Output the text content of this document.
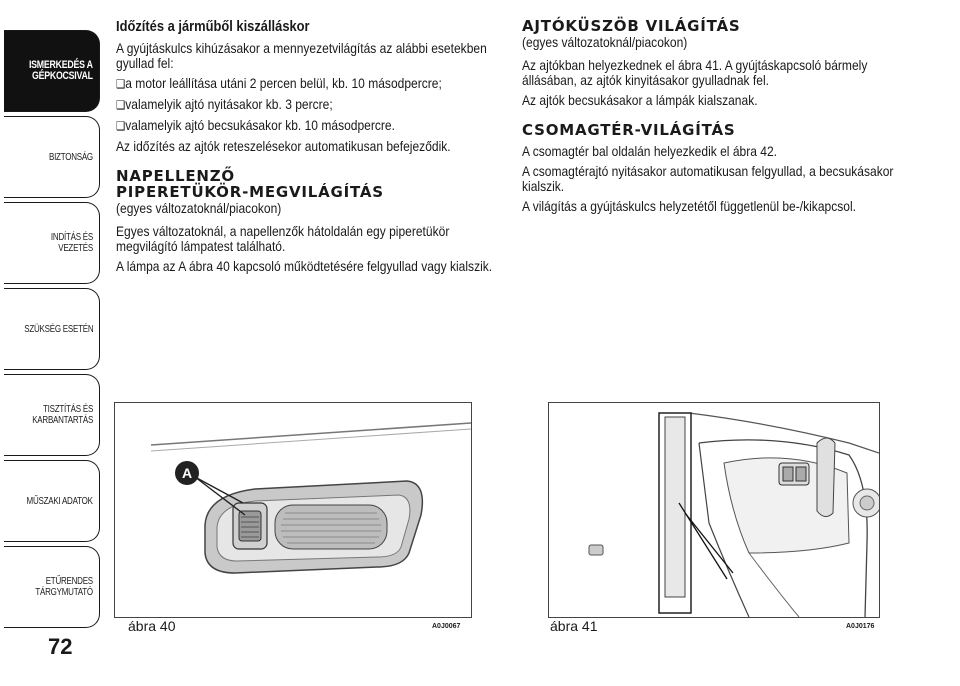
ISMERKEDÉS A
GÉPKOCSIVAL
BIZTONSÁG
INDÍTÁS ÉS VEZETÉS
SZÜKSÉG ESETÉN
TISZTÍTÁS ÉS
KARBANTARTÁS
MŰSZAKI ADATOK
ETŰRENDES
TÁRGYMUTATÓ
72
Időzítés a járműből kiszálláskor

A gyújtáskulcs kihúzásakor a mennyezetvilágítás az alábbi esetekben gyullad fel:

❑ a motor leállítása utáni 2 percen belül, kb. 10 másodpercre;

❑ valamelyik ajtó nyitásakor kb. 3 percre;

❑ valamelyik ajtó becsukásakor kb. 10 másodpercre.

Az időzítés az ajtók reteszelésekor automatikusan befejeződik.

NAPELLENZŐ
PIPERETÜKÖR-MEGVILÁGÍTÁS
(egyes változatoknál/piacokon)

Egyes változatoknál, a napellenzők hátoldalán egy piperetükör megvilágító lámpatest található.

A lámpa az A ábra 40 kapcsoló működtetésére felgyullad vagy kialszik.

AJTÓKÜSZÖB VILÁGÍTÁS
(egyes változatoknál/piacokon)

Az ajtókban helyezkednek el ábra 41. A gyújtáskapcsoló bármely állásában, az ajtók kinyitásakor gyulladnak fel.

Az ajtók becsukásakor a lámpák kialszanak.

CSOMAGTÉR-VILÁGÍTÁS

A csomagtér bal oldalán helyezkedik el ábra 42.

A csomagtérajtó nyitásakor automatikusan felgyullad, a becsukásakor kialszik.

A világítás a gyújtáskulcs helyzetétől függetlenül be-/kikapcsol.

A
ábra 40	A0J0067	ábra 41	A0J0176
